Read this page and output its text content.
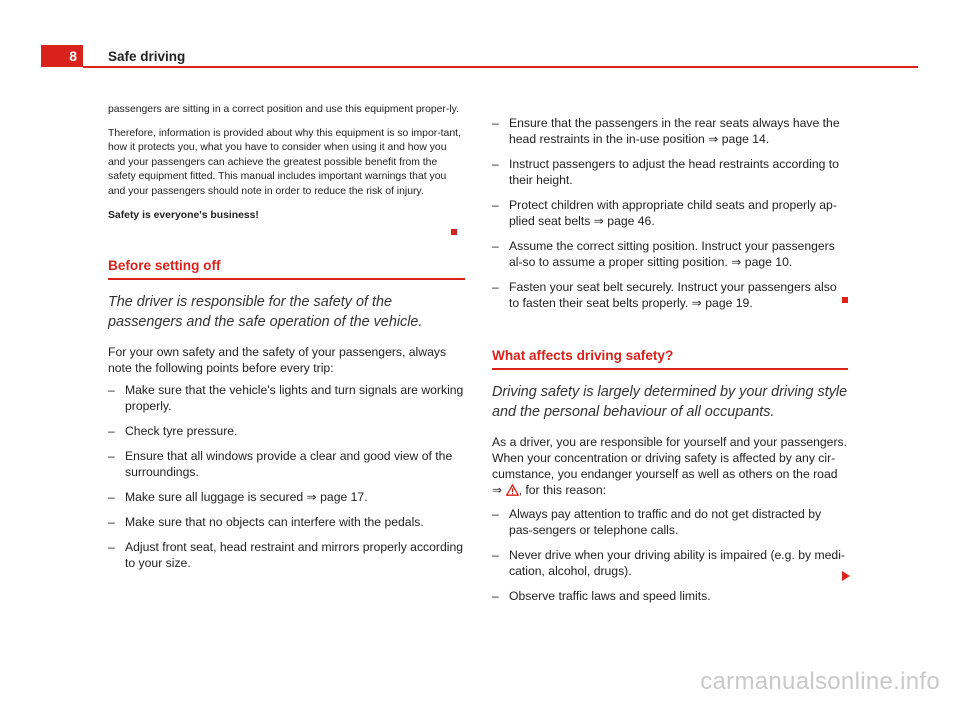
8	Safe driving

passengers are sitting in a correct position and use this equipment proper-ly.

Therefore, information is provided about why this equipment is so impor-tant, how it protects you, what you have to consider when using it and how you and your passengers can achieve the greatest possible benefit from the safety equipment fitted. This manual includes important warnings that you and your passengers should note in order to reduce the risk of injury.

Safety is everyone's business!

Before setting off

The driver is responsible for the safety of the passengers and the safe operation of the vehicle.

For your own safety and the safety of your passengers, always note the following points before every trip:

– Make sure that the vehicle's lights and turn signals are working properly.
– Check tyre pressure.
– Ensure that all windows provide a clear and good view of the surroundings.
– Make sure all luggage is secured ⇒ page 17.
– Make sure that no objects can interfere with the pedals.
– Adjust front seat, head restraint and mirrors properly according to your size.
– Ensure that the passengers in the rear seats always have the head restraints in the in-use position ⇒ page 14.
– Instruct passengers to adjust the head restraints according to their height.
– Protect children with appropriate child seats and properly ap-plied seat belts ⇒ page 46.
– Assume the correct sitting position. Instruct your passengers al-so to assume a proper sitting position. ⇒ page 10.
– Fasten your seat belt securely. Instruct your passengers also to fasten their seat belts properly. ⇒ page 19.
What affects driving safety?

Driving safety is largely determined by your driving style and the personal behaviour of all occupants.

As a driver, you are responsible for yourself and your passengers. When your concentration or driving safety is affected by any cir-cumstance, you endanger yourself as well as others on the road ⇒ , for this reason:

– Always pay attention to traffic and do not get distracted by pas-sengers or telephone calls.
– Never drive when your driving ability is impaired (e.g. by medi-cation, alcohol, drugs).
– Observe traffic laws and speed limits.
carmanualsonline.info
